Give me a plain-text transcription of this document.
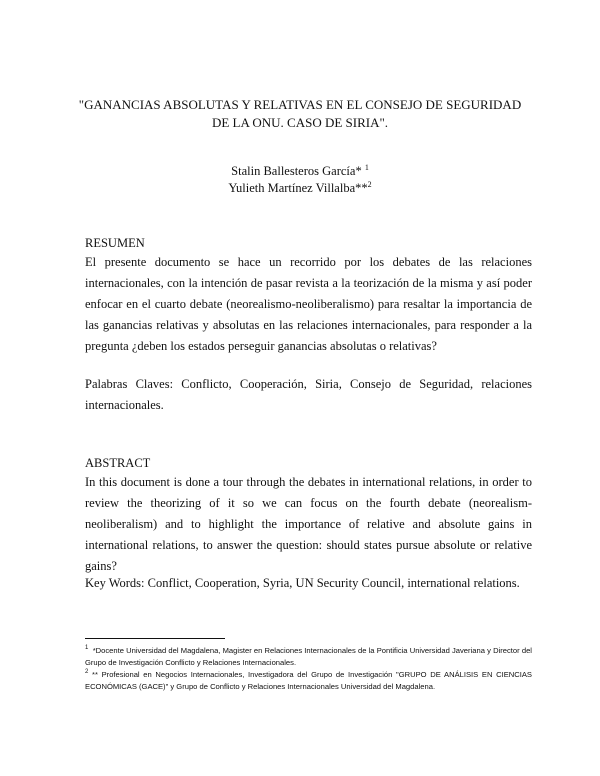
"GANANCIAS ABSOLUTAS Y RELATIVAS EN EL CONSEJO DE SEGURIDAD
DE LA ONU. CASO DE SIRIA".
Stalin Ballesteros García* $^1$
Yulieth Martínez Villalba**$^2$
RESUMEN
El presente documento se hace un recorrido por los debates de las relaciones internacionales, con la intención de pasar revista a la teorización de la misma y así poder enfocar en el cuarto debate (neorealismo-neoliberalismo) para resaltar la importancia de las ganancias relativas y absolutas en las relaciones internacionales, para responder a la pregunta ¿deben los estados perseguir ganancias absolutas o relativas?
Palabras Claves: Conflicto, Cooperación, Siria, Consejo de Seguridad, relaciones internacionales.
ABSTRACT
In this document is done a tour through the debates in international relations, in order to review the theorizing of it so we can focus on the fourth debate (neorealism-neoliberalism) and to highlight the importance of relative and absolute gains in international relations, to answer the question: should states pursue absolute or relative gains?
Key Words: Conflict, Cooperation, Syria, UN Security Council, international relations.
$^1$ *Docente Universidad del Magdalena, Magister en Relaciones Internacionales de la Pontificia Universidad Javeriana y Director del Grupo de Investigación Conflicto y Relaciones Internacionales.
$^2$ ** Profesional en Negocios Internacionales, Investigadora del Grupo de Investigación "GRUPO DE ANÁLISIS EN CIENCIAS ECONÓMICAS (GACE)" y Grupo de Conflicto y Relaciones Internacionales Universidad del Magdalena.
